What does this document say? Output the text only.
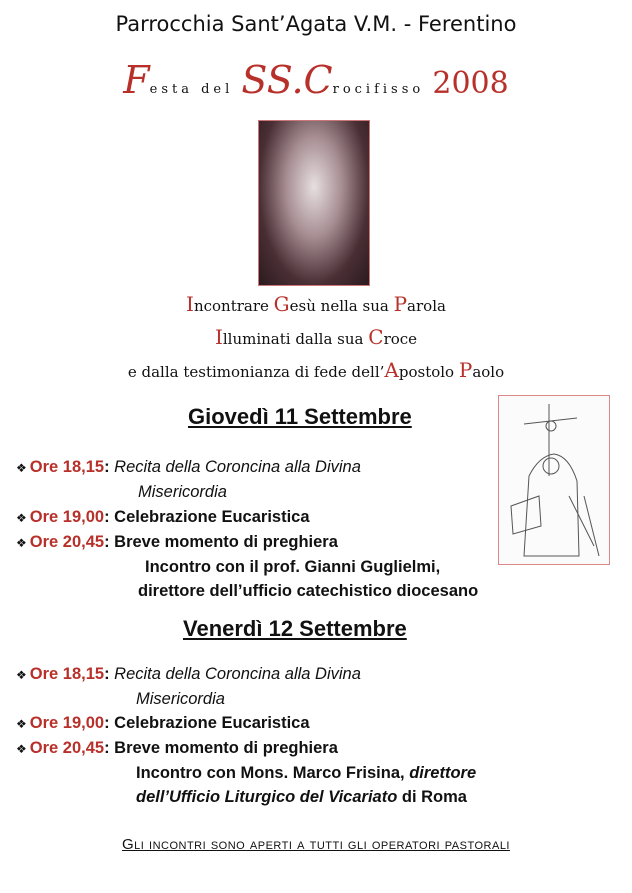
Parrocchia Sant’Agata V.M. - Ferentino
Festa del SS.Crocifisso 2008
Incontrare Gesù nella sua Parola
Illuminati dalla sua Croce
e dalla testimonianza di fede dell’Apostolo Paolo
Giovedì 11 Settembre
❖ Ore 18,15: Recita della Coroncina alla Divina
Misericordia
❖ Ore 19,00: Celebrazione Eucaristica
❖ Ore 20,45: Breve momento di preghiera
Incontro con il prof. Gianni Guglielmi,
direttore dell’ufficio catechistico diocesano
Venerdì 12 Settembre
❖ Ore 18,15: Recita della Coroncina alla Divina
Misericordia
❖ Ore 19,00: Celebrazione Eucaristica
❖ Ore 20,45: Breve momento di preghiera
Incontro con Mons. Marco Frisina, direttore
dell’Ufficio Liturgico del Vicariato di Roma
Gli incontri sono aperti a tutti gli operatori pastorali
